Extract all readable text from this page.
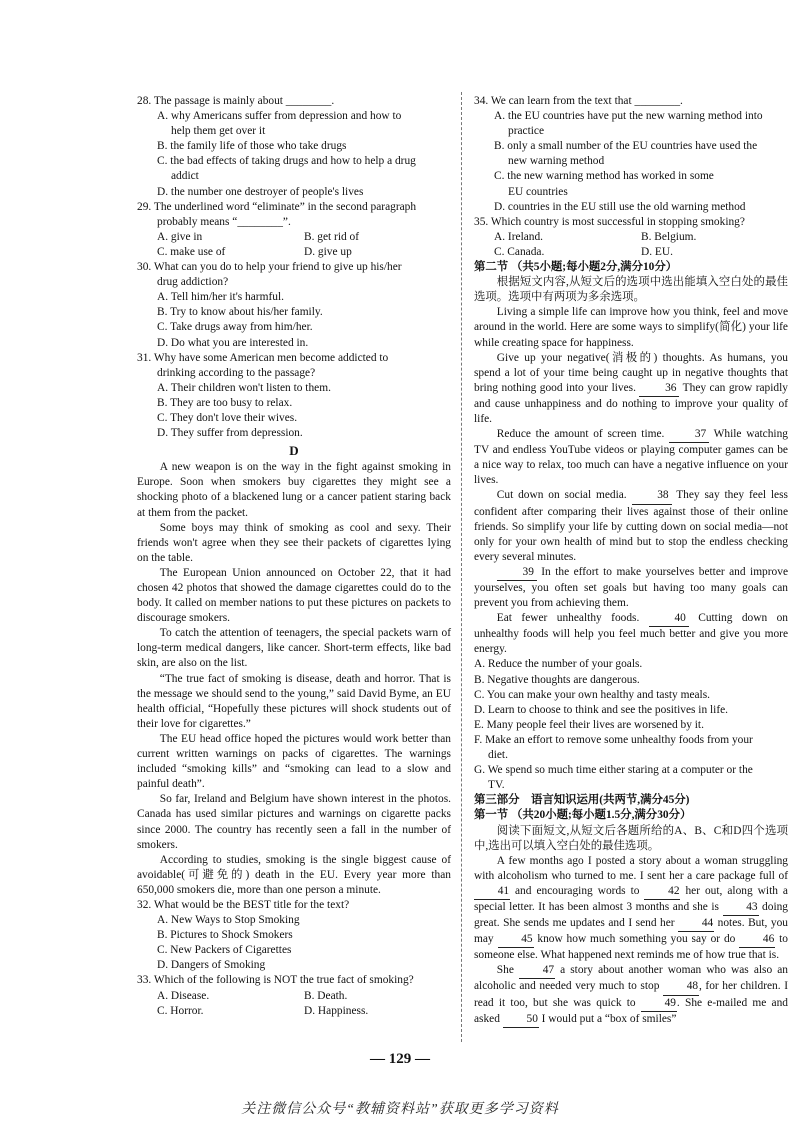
28. The passage is mainly about ________.

A. why Americans suffer from depression and how to
help them get over it

B. the family life of those who take drugs

C. the bad effects of taking drugs and how to help a drug
addict

D. the number one destroyer of people's lives

29. The underlined word “eliminate” in the second paragraph

probably means “________”.

A. give in	B. get rid of
C. make use of	D. give up

30. What can you do to help your friend to give up his/her

drug addiction?

A. Tell him/her it's harmful.

B. Try to know about his/her family.

C. Take drugs away from him/her.

D. Do what you are interested in.

31. Why have some American men become addicted to

drinking according to the passage?

A. Their children won't listen to them.

B. They are too busy to relax.

C. They don't love their wives.

D. They suffer from depression.

D

A new weapon is on the way in the fight against smoking in Europe. Soon when smokers buy cigarettes they might see a shocking photo of a blackened lung or a cancer patient staring back at them from the packet.

Some boys may think of smoking as cool and sexy. Their friends won't agree when they see their packets of cigarettes lying on the table.

The European Union announced on October 22, that it had chosen 42 photos that showed the damage cigarettes could do to the body. It called on member nations to put these pictures on packets to discourage smokers.

To catch the attention of teenagers, the special packets warn of long-term medical dangers, like cancer. Short-term effects, like bad skin, are also on the list.

“The true fact of smoking is disease, death and horror. That is the message we should send to the young,” said David Byme, an EU health official, “Hopefully these pictures will shock students out of their love for cigarettes.”

The EU head office hoped the pictures would work better than current written warnings on packs of cigarettes. The warnings included “smoking kills” and “smoking can lead to a slow and painful death”.

So far, Ireland and Belgium have shown interest in the photos. Canada has used similar pictures and warnings on cigarette packs since 2000. The country has recently seen a fall in the number of smokers.

According to studies, smoking is the single biggest cause of avoidable(可避免的) death in the EU. Every year more than 650,000 smokers die, more than one person a minute.

32. What would be the BEST title for the text?

A. New Ways to Stop Smoking

B. Pictures to Shock Smokers

C. New Packers of Cigarettes

D. Dangers of Smoking

33. Which of the following is NOT the true fact of smoking?

A. Disease.	B. Death.
C. Horror.	D. Happiness.

34. We can learn from the text that ________.

A. the EU countries have put the new warning method into
practice

B. only a small number of the EU countries have used the
new warning method

C. the new warning method has worked in some
EU countries

D. countries in the EU still use the old warning method

35. Which country is most successful in stopping smoking?

A. Ireland.	B. Belgium.
C. Canada.	D. EU.

第二节 （共5小题;每小题2分,满分10分）

根据短文内容,从短文后的选项中选出能填入空白处的最佳选项。选项中有两项为多余选项。

Living a simple life can improve how you think, feel and move around in the world. Here are some ways to simplify(简化) your life while creating space for happiness.

Give up your negative(消极的) thoughts. As humans, you spend a lot of your time being caught up in negative thoughts that bring nothing good into your lives.	36 They can grow rapidly and cause unhappiness and do nothing to improve your quality of life.

Reduce the amount of screen time.	37 While watching TV and endless YouTube videos or playing computer games can be a nice way to relax, too much can have a negative influence on your lives.

Cut down on social media.	38 They say they feel less confident after comparing their lives against those of their online friends. So simplify your life by cutting down on social media—not only for your own health of mind but to stop the endless checking every several minutes.

39 In the effort to make yourselves better and improve yourselves, you often set goals but having too many goals can prevent you from achieving them.

Eat fewer unhealthy foods.	40 Cutting down on unhealthy foods will help you feel much better and give you more energy.

A. Reduce the number of your goals.

B. Negative thoughts are dangerous.

C. You can make your own healthy and tasty meals.

D. Learn to choose to think and see the positives in life.

E. Many people feel their lives are worsened by it.

F. Make an effort to remove some unhealthy foods from your
diet.

G. We spend so much time either staring at a computer or the
TV.

第三部分　语言知识运用(共两节,满分45分)

第一节 （共20小题;每小题1.5分,满分30分）

阅读下面短文,从短文后各题所给的A、B、C和D四个选项中,选出可以填入空白处的最佳选项。

A few months ago I posted a story about a woman struggling with alcoholism who turned to me. I sent her a care package full of 41 and encouraging words to	42 her out, along with a special letter. It has been almost 3 months and she is 43 doing great. She sends me updates and I send her 44 notes. But, you may 45 know how much something you say or do 46 to someone else. What happened next reminds me of how true that is.

She	47 a story about another woman who was also an alcoholic and needed very much to stop 48, for her children. I read it too, but she was quick to	49. She e-mailed me and asked 50 I would put a “box of smiles”

— 129 —
关注微信公众号“教辅资料站”获取更多学习资料
